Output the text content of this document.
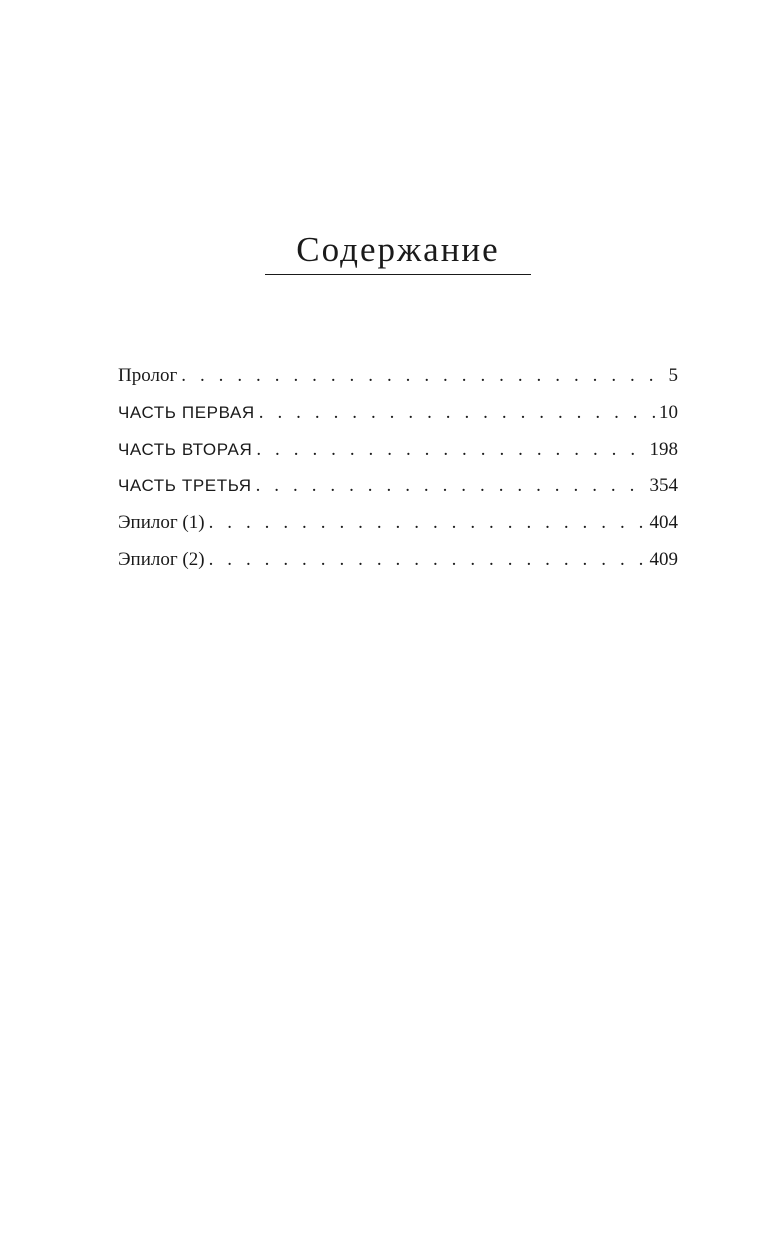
Содержание
Пролог . . .	5
ЧАСТЬ ПЕРВАЯ . . .	10
ЧАСТЬ ВТОРАЯ . . .	198
ЧАСТЬ ТРЕТЬЯ . . .	354
Эпилог (1) . . .	404
Эпилог (2) . . .	409
